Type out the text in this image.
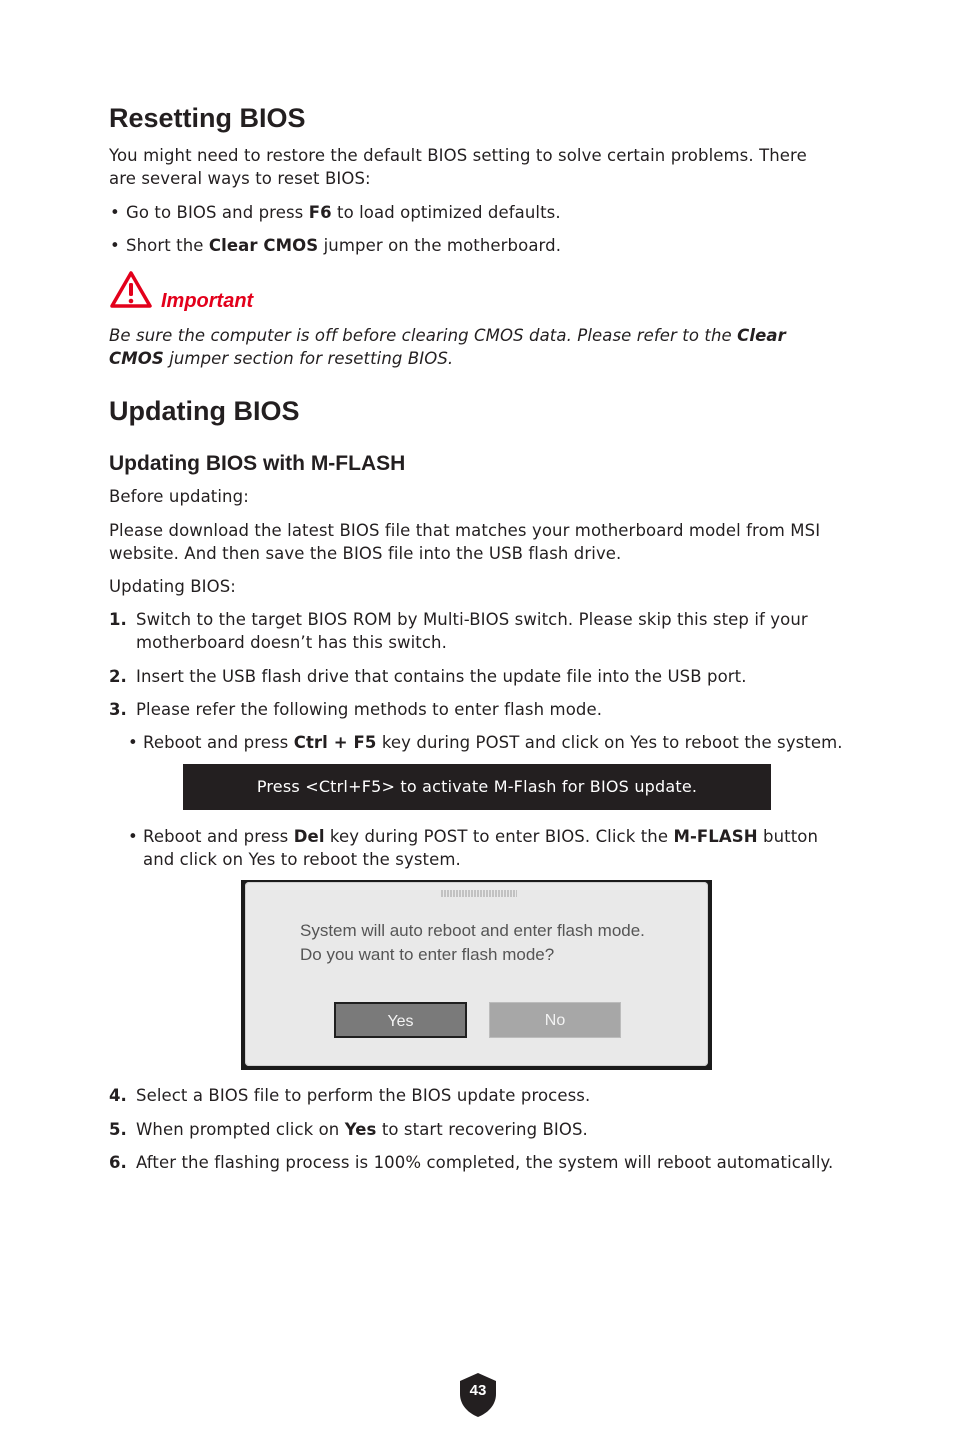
Resetting BIOS

You might need to restore the default BIOS setting to solve certain problems. There

are several ways to reset BIOS:

• Go to BIOS and press F6 to load optimized defaults.

• Short the Clear CMOS jumper on the motherboard.

Important

Be sure the computer is off before clearing CMOS data. Please refer to the Clear

CMOS jumper section for resetting BIOS.

Updating BIOS
Updating BIOS with M-FLASH

Before updating:

Please download the latest BIOS file that matches your motherboard model from MSI

website. And then save the BIOS file into the USB flash drive.

Updating BIOS:

1. Switch to the target BIOS ROM by Multi-BIOS switch. Please skip this step if your

motherboard doesn’t has this switch.

2. Insert the USB flash drive that contains the update file into the USB port.

3. Please refer the following methods to enter flash mode.

• Reboot and press Ctrl + F5 key during POST and click on Yes to reboot the system.

Press <Ctrl+F5> to activate M-Flash for BIOS update.
• Reboot and press Del key during POST to enter BIOS. Click the M-FLASH button

and click on Yes to reboot the system.

System will auto reboot and enter flash mode.
Do you want to enter flash mode?
Yes	No
4. Select a BIOS file to perform the BIOS update process.

5. When prompted click on Yes to start recovering BIOS.

6. After the flashing process is 100% completed, the system will reboot automatically.

43
